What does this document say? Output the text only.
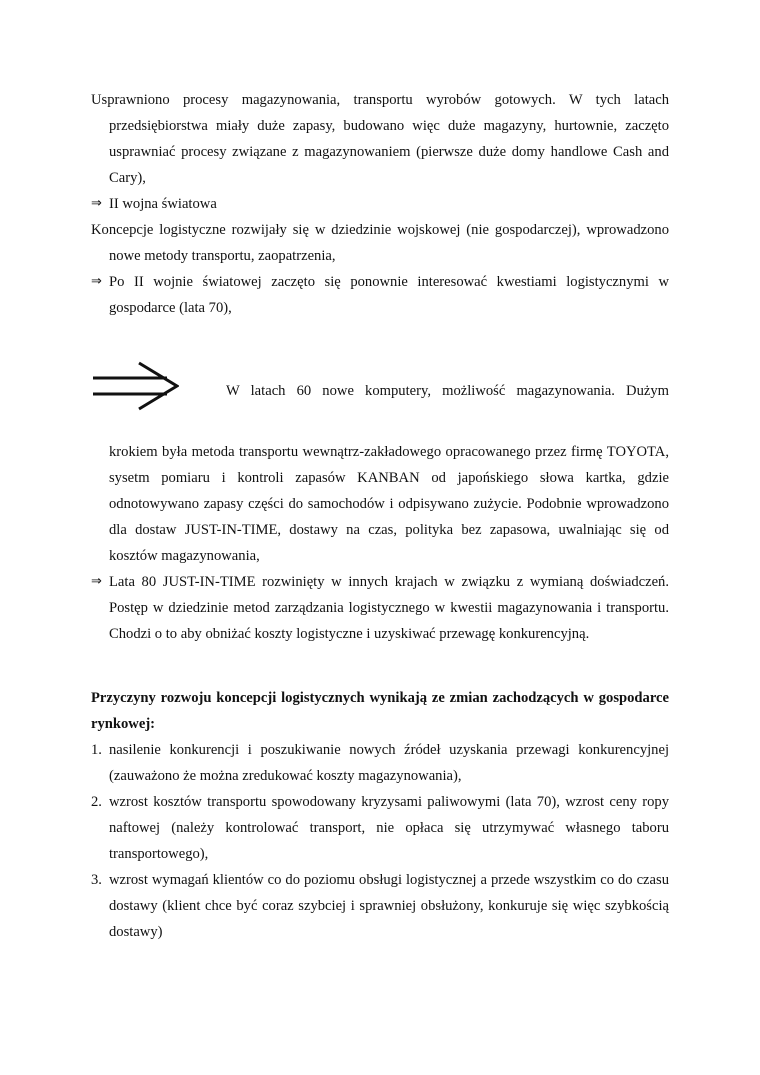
Usprawniono procesy magazynowania, transportu wyrobów gotowych. W tych latach przedsiębiorstwa miały duże zapasy, budowano więc duże magazyny, hurtownie, zaczęto usprawniać procesy związane z magazynowaniem (pierwsze duże domy handlowe Cash and Cary),

⇒ II wojna światowa

Koncepcje logistyczne rozwijały się w dziedzinie wojskowej (nie gospodarczej), wprowadzono nowe metody transportu, zaopatrzenia,

⇒ Po II wojnie światowej zaczęto się ponownie interesować kwestiami logistycznymi w gospodarce (lata 70),

W latach 60 nowe komputery, możliwość magazynowania. Dużym

krokiem była metoda transportu wewnątrz-zakładowego opracowanego przez firmę TOYOTA, sysetm pomiaru i kontroli zapasów KANBAN od japońskiego słowa kartka, gdzie odnotowywano zapasy części do samochodów i odpisywano zużycie. Podobnie wprowadzono dla dostaw JUST-IN-TIME, dostawy na czas, polityka bez zapasowa, uwalniając się od kosztów magazynowania,

⇒ Lata 80 JUST-IN-TIME rozwinięty w innych krajach w związku z wymianą doświadczeń. Postęp w dziedzinie metod zarządzania logistycznego w kwestii magazynowania i transportu. Chodzi o to aby obniżać koszty logistyczne i uzyskiwać przewagę konkurencyjną.

Przyczyny rozwoju koncepcji logistycznych wynikają ze zmian zachodzących w gospodarce rynkowej:

1. nasilenie konkurencji i poszukiwanie nowych źródeł uzyskania przewagi konkurencyjnej (zauważono że można zredukować koszty magazynowania),

2. wzrost kosztów transportu spowodowany kryzysami paliwowymi (lata 70), wzrost ceny ropy naftowej (należy kontrolować transport, nie opłaca się utrzymywać własnego taboru transportowego),

3. wzrost wymagań klientów co do poziomu obsługi logistycznej a przede wszystkim co do czasu dostawy (klient chce być coraz szybciej i sprawniej obsłużony, konkuruje się więc szybkością dostawy)
